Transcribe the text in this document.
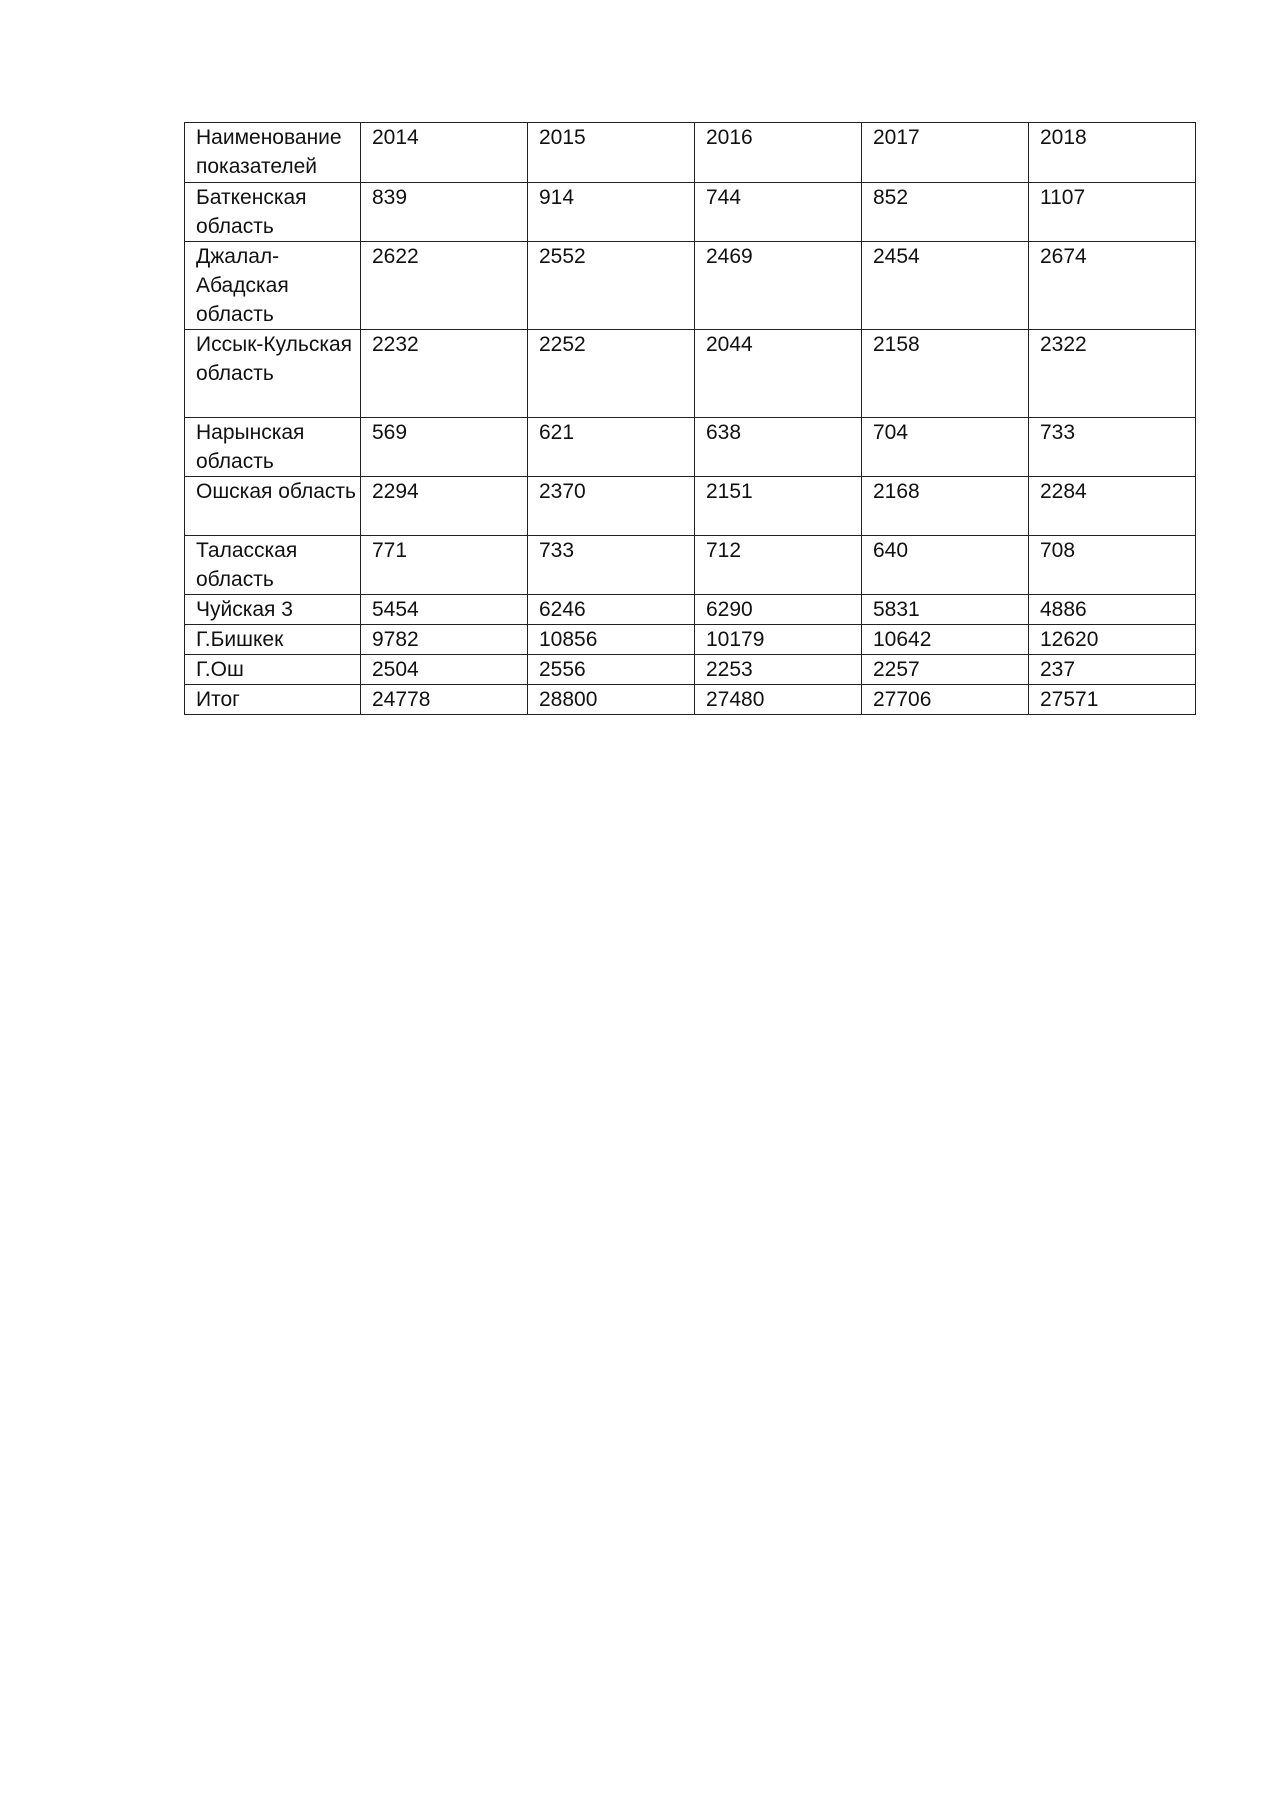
Наименование показателей	2014	2015	2016	2017	2018
Баткенская область	839	914	744	852	1107
Джалал-Абадская область	2622	2552	2469	2454	2674
Иссык-Кульская область	2232	2252	2044	2158	2322
Нарынская область	569	621	638	704	733
Ошская область	2294	2370	2151	2168	2284
Таласская область	771	733	712	640	708
Чуйская 3	5454	6246	6290	5831	4886
Г.Бишкек	9782	10856	10179	10642	12620
Г.Ош	2504	2556	2253	2257	237
Итог	24778	28800	27480	27706	27571
